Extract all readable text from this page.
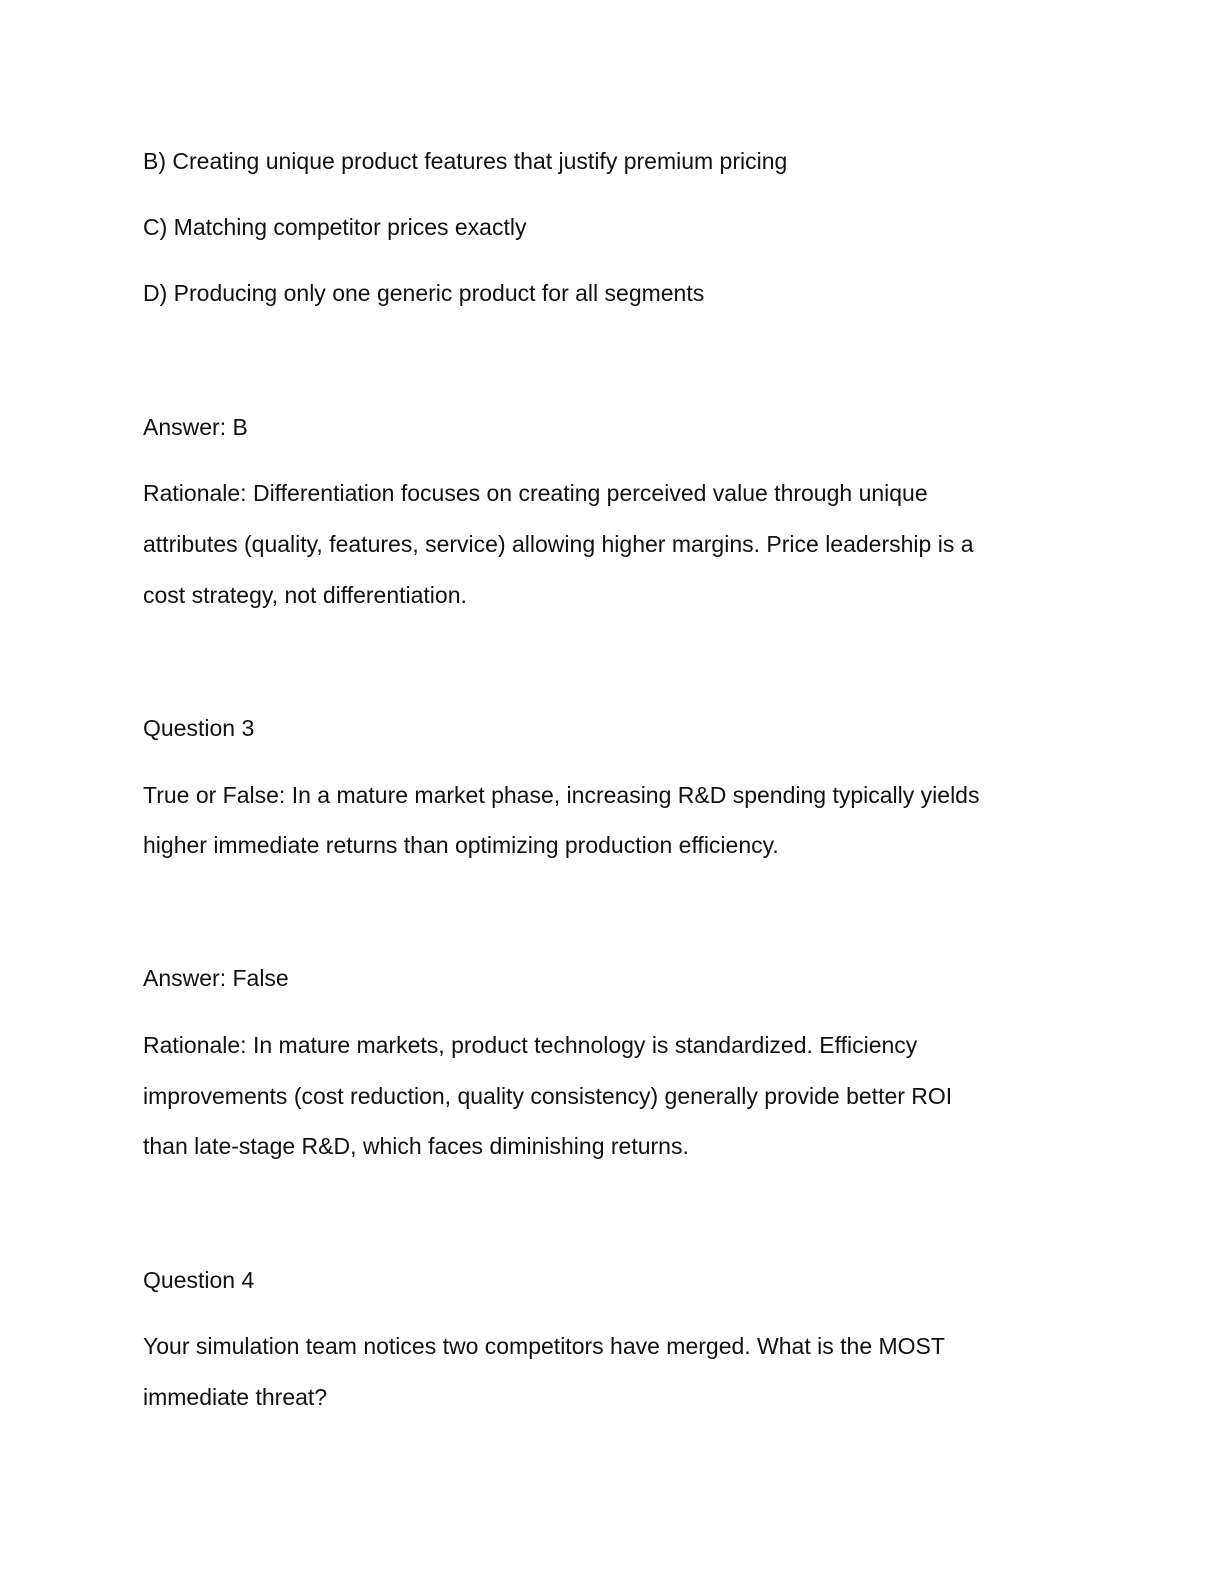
B) Creating unique product features that justify premium pricing

C) Matching competitor prices exactly

D) Producing only one generic product for all segments

Answer: B

Rationale: Differentiation focuses on creating perceived value through unique

attributes (quality, features, service) allowing higher margins. Price leadership is a

cost strategy, not differentiation.

Question 3

True or False: In a mature market phase, increasing R&D spending typically yields

higher immediate returns than optimizing production efficiency.

Answer: False

Rationale: In mature markets, product technology is standardized. Efficiency

improvements (cost reduction, quality consistency) generally provide better ROI

than late-stage R&D, which faces diminishing returns.

Question 4

Your simulation team notices two competitors have merged. What is the MOST

immediate threat?
